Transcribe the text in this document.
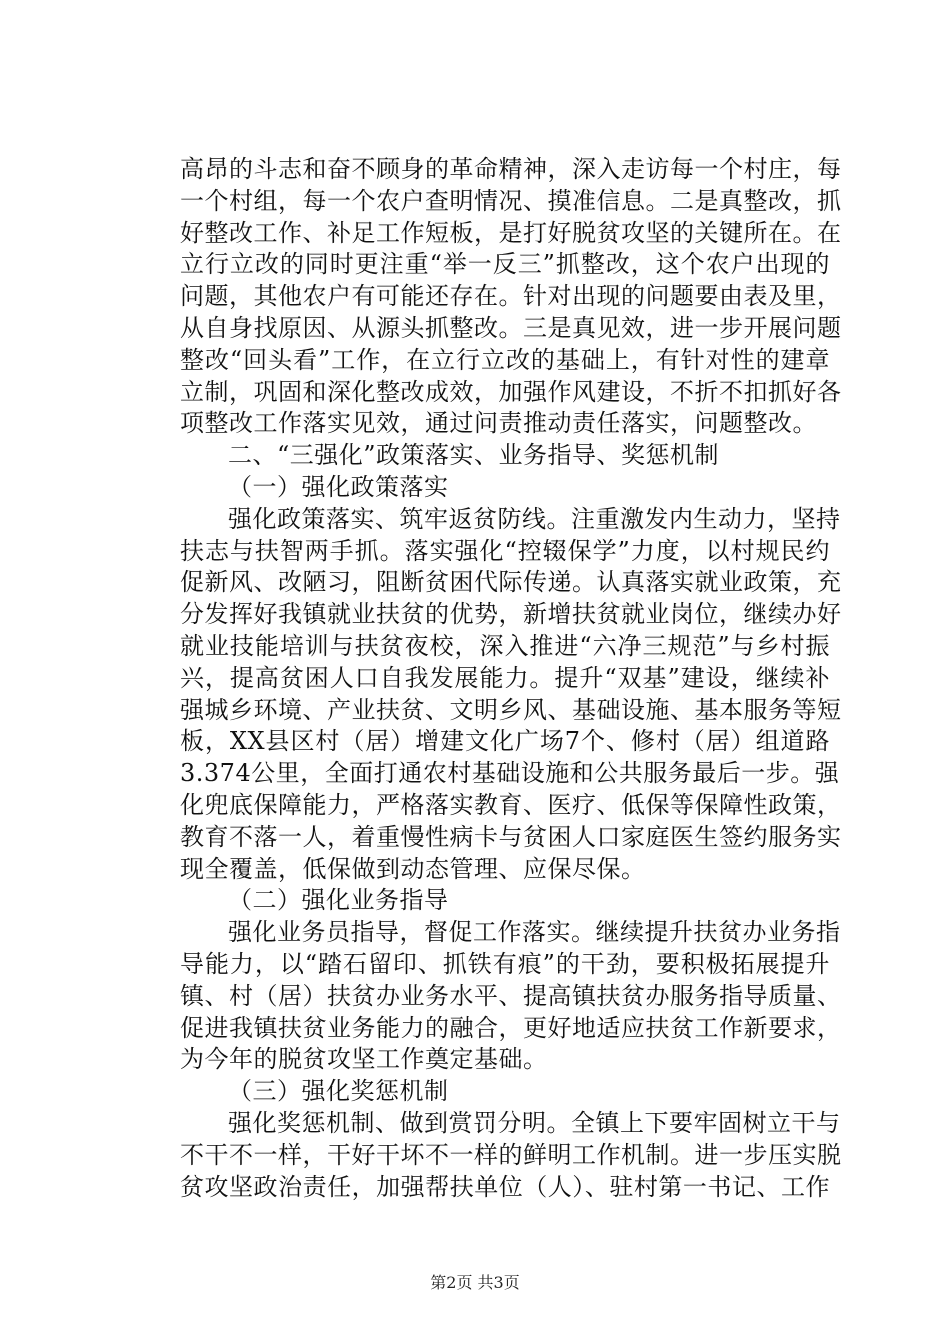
高昂的斗志和奋不顾身的革命精神，深入走访每一个村庄，每
一个村组，每一个农户查明情况、摸准信息。二是真整改，抓
好整改工作、补足工作短板，是打好脱贫攻坚的关键所在。在
立行立改的同时更注重“举一反三”抓整改，这个农户出现的
问题，其他农户有可能还存在。针对出现的问题要由表及里，
从自身找原因、从源头抓整改。三是真见效，进一步开展问题
整改“回头看”工作，在立行立改的基础上，有针对性的建章
立制，巩固和深化整改成效，加强作风建设，不折不扣抓好各
项整改工作落实见效，通过问责推动责任落实，问题整改。
二、“三强化”政策落实、业务指导、奖惩机制
（一）强化政策落实
强化政策落实、筑牢返贫防线。注重激发内生动力，坚持
扶志与扶智两手抓。落实强化“控辍保学”力度，以村规民约
促新风、改陋习，阻断贫困代际传递。认真落实就业政策，充
分发挥好我镇就业扶贫的优势，新增扶贫就业岗位，继续办好
就业技能培训与扶贫夜校，深入推进“六净三规范”与乡村振
兴，提高贫困人口自我发展能力。提升“双基”建设，继续补
强城乡环境、产业扶贫、文明乡风、基础设施、基本服务等短
板，XX县区村（居）增建文化广场7个、修村（居）组道路
3.374公里，全面打通农村基础设施和公共服务最后一步。强
化兜底保障能力，严格落实教育、医疗、低保等保障性政策，
教育不落一人，着重慢性病卡与贫困人口家庭医生签约服务实
现全覆盖，低保做到动态管理、应保尽保。
（二）强化业务指导
强化业务员指导，督促工作落实。继续提升扶贫办业务指
导能力，以“踏石留印、抓铁有痕”的干劲，要积极拓展提升
镇、村（居）扶贫办业务水平、提高镇扶贫办服务指导质量、
促进我镇扶贫业务能力的融合，更好地适应扶贫工作新要求，
为今年的脱贫攻坚工作奠定基础。
（三）强化奖惩机制
强化奖惩机制、做到赏罚分明。全镇上下要牢固树立干与
不干不一样，干好干坏不一样的鲜明工作机制。进一步压实脱
贫攻坚政治责任，加强帮扶单位（人）、驻村第一书记、工作
第2页 共3页
